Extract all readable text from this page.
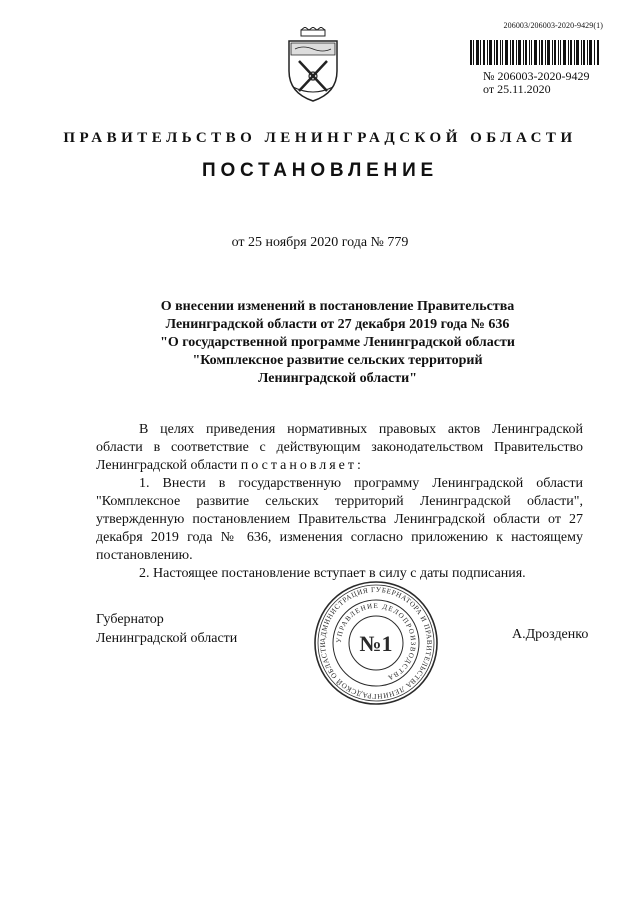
206003/206003-2020-9429(1)
№ 206003-2020-9429
от 25.11.2020
ПРАВИТЕЛЬСТВО ЛЕНИНГРАДСКОЙ ОБЛАСТИ
ПОСТАНОВЛЕНИЕ
от 25 ноября 2020 года № 779
О внесении изменений в постановление Правительства
Ленинградской области от 27 декабря 2019 года № 636
"О государственной программе Ленинградской области
"Комплексное развитие сельских территорий
Ленинградской области"

В целях приведения нормативных правовых актов Ленинградской области в соответствие с действующим законодательством Правительство Ленинградской области постановляет:

1. Внести в государственную программу Ленинградской области "Комплексное развитие сельских территорий Ленинградской области", утвержденную постановлением Правительства Ленинградской области от 27 декабря 2019 года № 636, изменения согласно приложению к настоящему постановлению.

2. Настоящее постановление вступает в силу с даты подписания.

Губернатор
Ленинградской области	А.Дрозденко
АДМИНИСТРАЦИЯ ГУБЕРНАТОРА И ПРАВИТЕЛЬСТВА ЛЕНИНГРАДСКОЙ ОБЛАСТИ
УПРАВЛЕНИЕ ДЕЛОПРОИЗВОДСТВА
№1
